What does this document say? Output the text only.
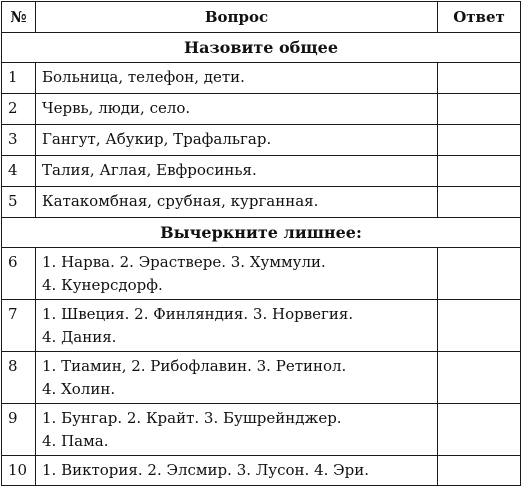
№	Вопрос	Ответ
Назовите общее		
1	Больница, телефон, дети.	

2	Червь, люди, село.	

3	Гангут, Абукир, Трафальгар.	

4	Талия, Аглая, Евфросинья.	

5	Катакомбная, срубная, курганная.	

Вычеркните лишнее:		
6	1. Нарва. 2. Эраствере. 3. Хуммули.
4. Кунерсдорф.	

7	1. Швеция. 2. Финляндия. 3. Норвегия.
4. Дания.	

8	1. Тиамин, 2. Рибофлавин. 3. Ретинол.
4. Холин.	

9	1. Бунгар. 2. Крайт. 3. Бушрейнджер.
4. Пама.	

10	1. Виктория. 2. Элсмир. 3. Лусон. 4. Эри.	
